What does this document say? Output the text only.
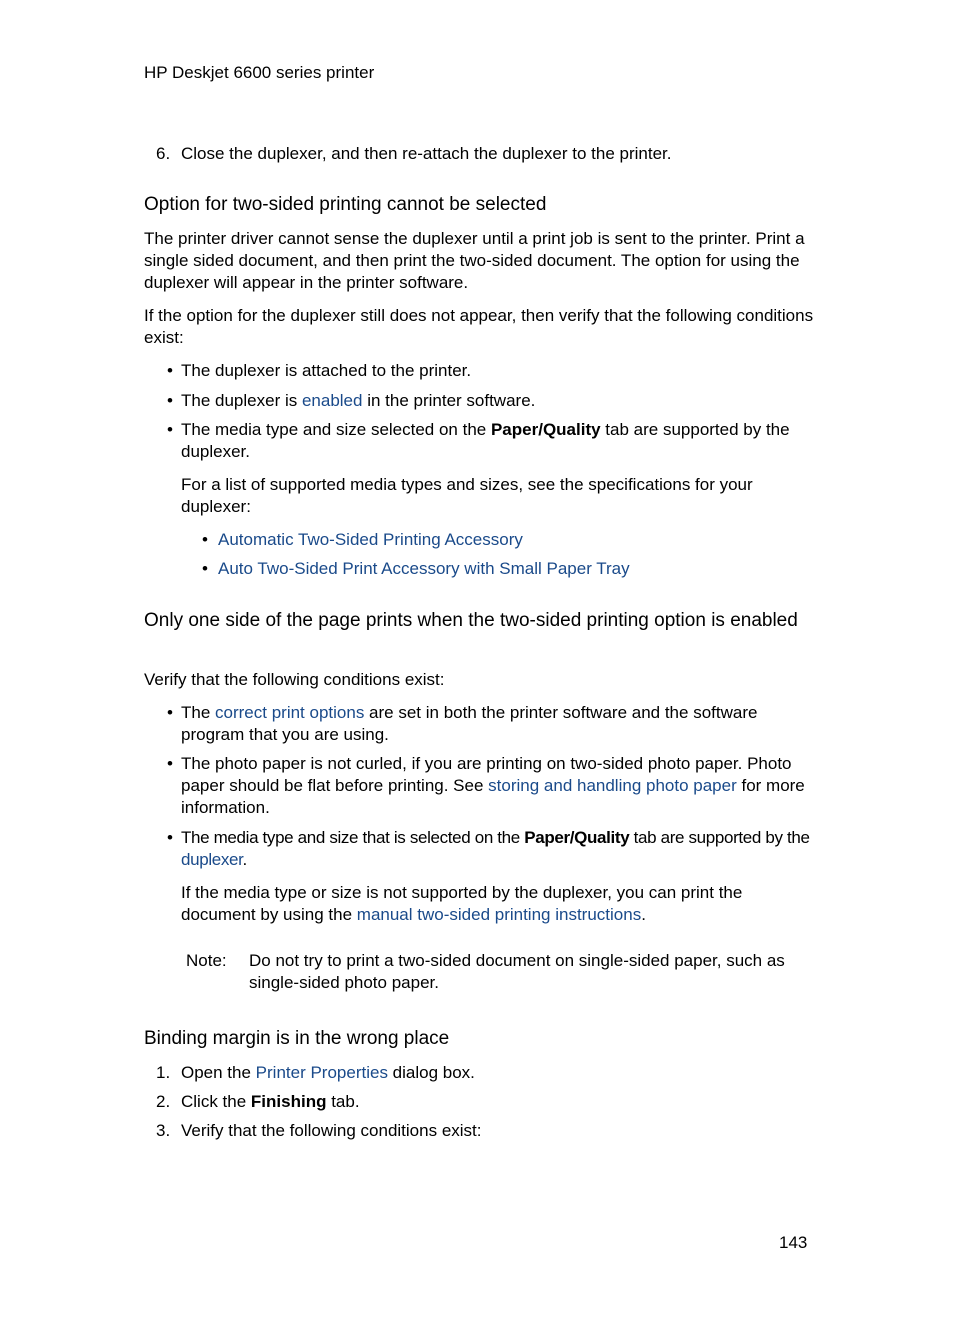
HP Deskjet 6600 series printer
6. Close the duplexer, and then re-attach the duplexer to the printer.
Option for two-sided printing cannot be selected
The printer driver cannot sense the duplexer until a print job is sent to the printer. Print a single sided document, and then print the two-sided document. The option for using the duplexer will appear in the printer software.
If the option for the duplexer still does not appear, then verify that the following conditions exist:
• The duplexer is attached to the printer.
• The duplexer is enabled in the printer software.
• The media type and size selected on the Paper/Quality tab are supported by the duplexer.
For a list of supported media types and sizes, see the specifications for your duplexer:
• Automatic Two-Sided Printing Accessory
• Auto Two-Sided Print Accessory with Small Paper Tray
Only one side of the page prints when the two-sided printing option is enabled
Verify that the following conditions exist:
• The correct print options are set in both the printer software and the software program that you are using.
• The photo paper is not curled, if you are printing on two-sided photo paper. Photo paper should be flat before printing. See storing and handling photo paper for more information.
• The media type and size that is selected on the Paper/Quality tab are supported by the duplexer.
If the media type or size is not supported by the duplexer, you can print the document by using the manual two-sided printing instructions.
Note: Do not try to print a two-sided document on single-sided paper, such as single-sided photo paper.
Binding margin is in the wrong place
1. Open the Printer Properties dialog box.
2. Click the Finishing tab.
3. Verify that the following conditions exist:
143
